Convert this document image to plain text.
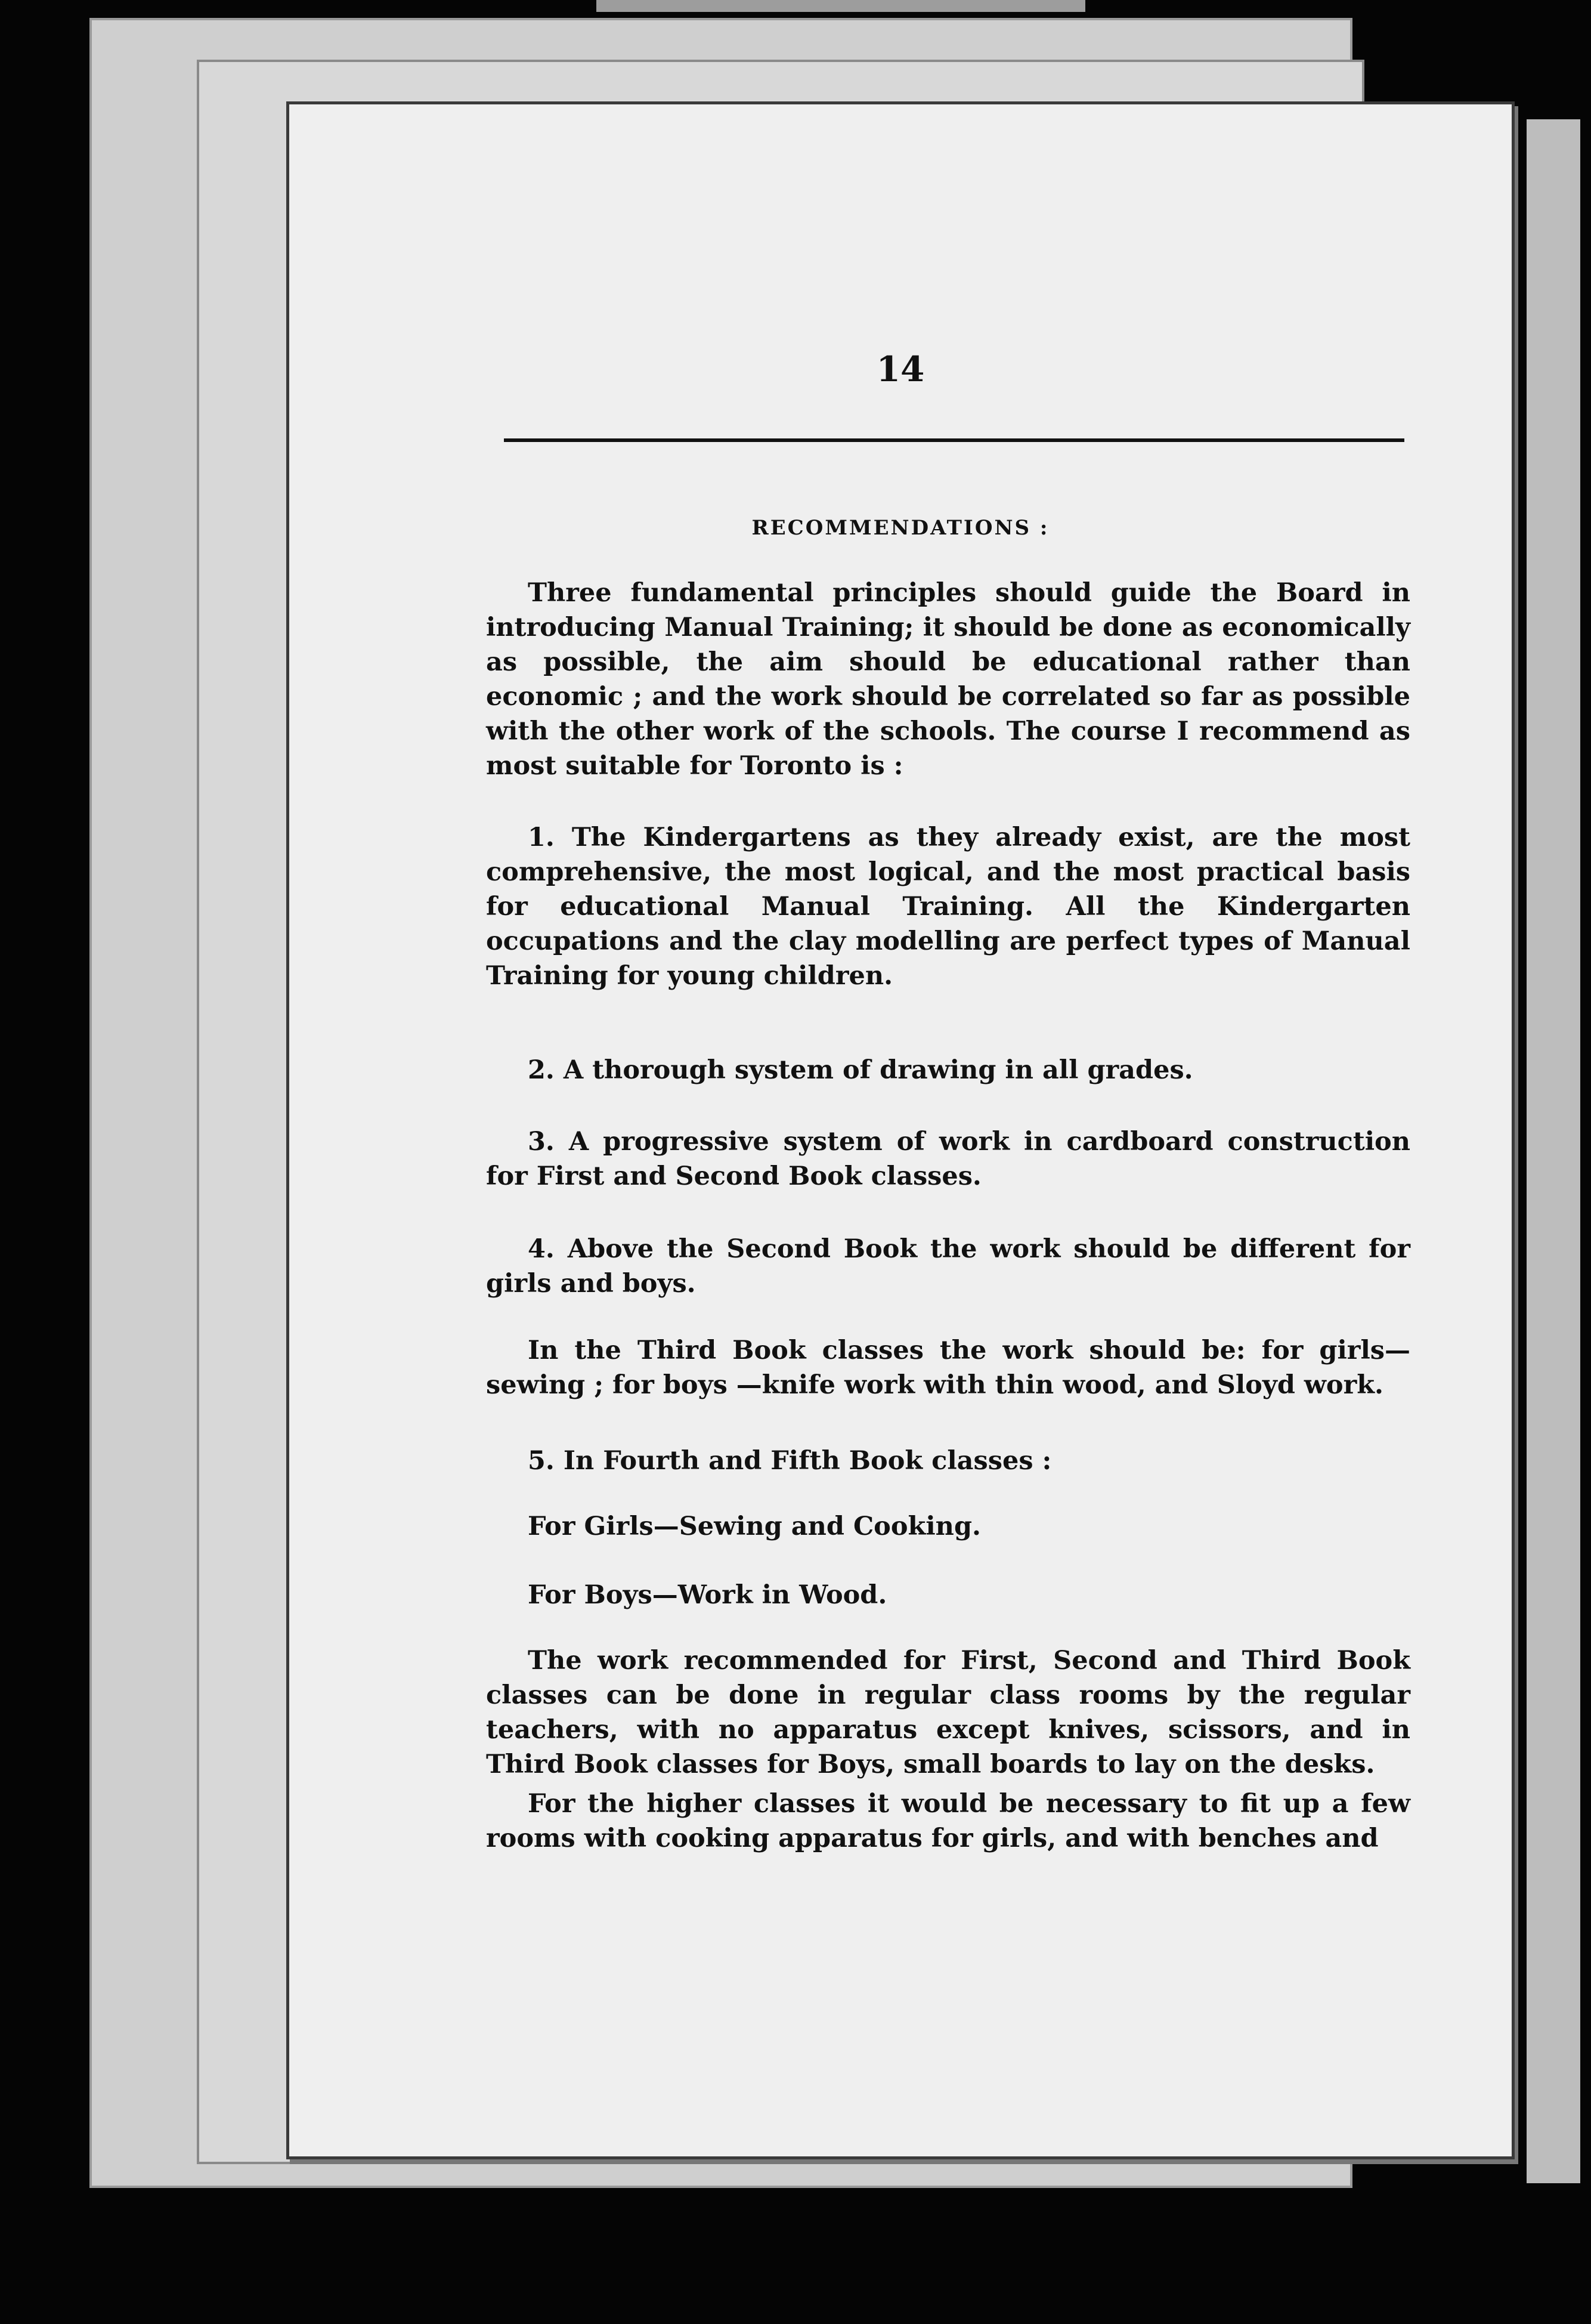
14
RECOMMENDATIONS :

Three fundamental principles should guide the Board in introducing Manual Training; it should be done as economically as possible, the aim should be educational rather than economic ; and the work should be correlated so far as possible with the other work of the schools. The course I recommend as most suitable for Toronto is :

1. The Kindergartens as they already exist, are the most comprehensive, the most logical, and the most practical basis for educational Manual Training. All the Kindergarten occupations and the clay modelling are perfect types of Manual Training for young children.

2. A thorough system of drawing in all grades.

3. A progressive system of work in cardboard construction for First and Second Book classes.

4. Above the Second Book the work should be different for girls and boys.

In the Third Book classes the work should be: for girls—sewing ; for boys —knife work with thin wood, and Sloyd work.

5. In Fourth and Fifth Book classes :

For Girls—Sewing and Cooking.

For Boys—Work in Wood.

The work recommended for First, Second and Third Book classes can be done in regular class rooms by the regular teachers, with no apparatus except knives, scissors, and in Third Book classes for Boys, small boards to lay on the desks.

For the higher classes it would be necessary to fit up a few rooms with cooking apparatus for girls, and with benches and
